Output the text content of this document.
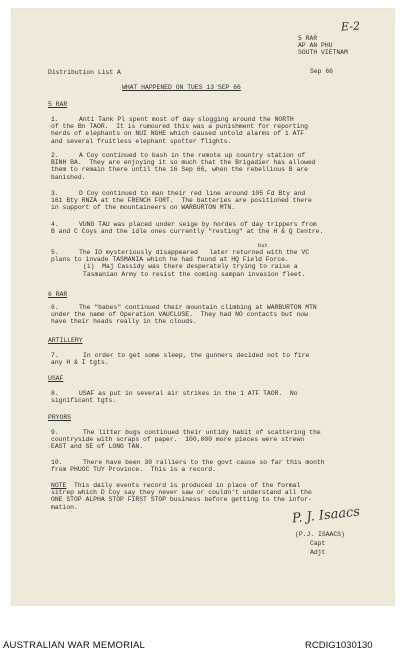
E-2
5 RAR
AP AN PHU
SOUTH VIETNAM
Distribution List A	Sep 66
WHAT HAPPENED ON TUES 13 SEP 66
5 RAR
1.	Anti Tank Pl spent most of day slogging around the NORTH
of the Bn TAOR.  It is rumoured this was a punishment for reporting
herds of elephants on NUI NGHE which caused untold alarms of 1 ATF
and several fruitless elephant spotter flights.
2.	A Coy continued to bash in the remote up country station of
BINH BA.  They are enjoying it so much that the Brigadier has allowed
them to remain there until the 16 Sep 66, when the rebellious B are
banished.
3.	D Coy continued to man their red line around 105 Fd Bty and
161 Bty RNZA at the FRENCH FORT.  The batteries are positioned there
in support of the mountaineers on WARBURTON MTN.
4.	VUNG TAU was placed under seige by hordes of day trippers from
B and C Coys and the idle ones currently "resting" at the H & Q Centre.
but
5.	The IO mysteriously disappeared   later returned with the VC
plans to invade TASMANIA which he had found at HQ Field Force.
(i)  Maj Cassidy was there desperately trying to raise a
Tasmanian Army to resist the coming sampan invasion fleet.
6 RAR
6.	The "babes" continued their mountain climbing at WARBURTON MTN
under the name of Operation VAUCLUSE.  They had NO contacts but now
have their heads really in the clouds.
ARTILLERY
7.	In order to get some sleep, the gunners decided not to fire
any H & I tgts.
USAF
8.	USAF as put in several air strikes in the 1 ATF TAOR.  No
significant tgts.
PRYORS
9.	The litter bugs continued their untidy habit of scattering the
countryside with scraps of paper.  100,000 more pieces were strewn
EAST and SE of LONG TAN.
10.	There have been 30 ralliers to the govt cause so far this month
from PHUOC TUY Province.  This is a record.
NOTE  This daily events record is produced in place of the formal
sitrep which D Coy say they never saw or couldn't understand all the
ONE STOP ALPHA STOP FIRST STOP business before getting to the infor-
mation.	P. J. Isaacs
(P.J. ISAACS)
Capt
Adjt
AUSTRALIAN WAR MEMORIAL	RCDIG1030130
